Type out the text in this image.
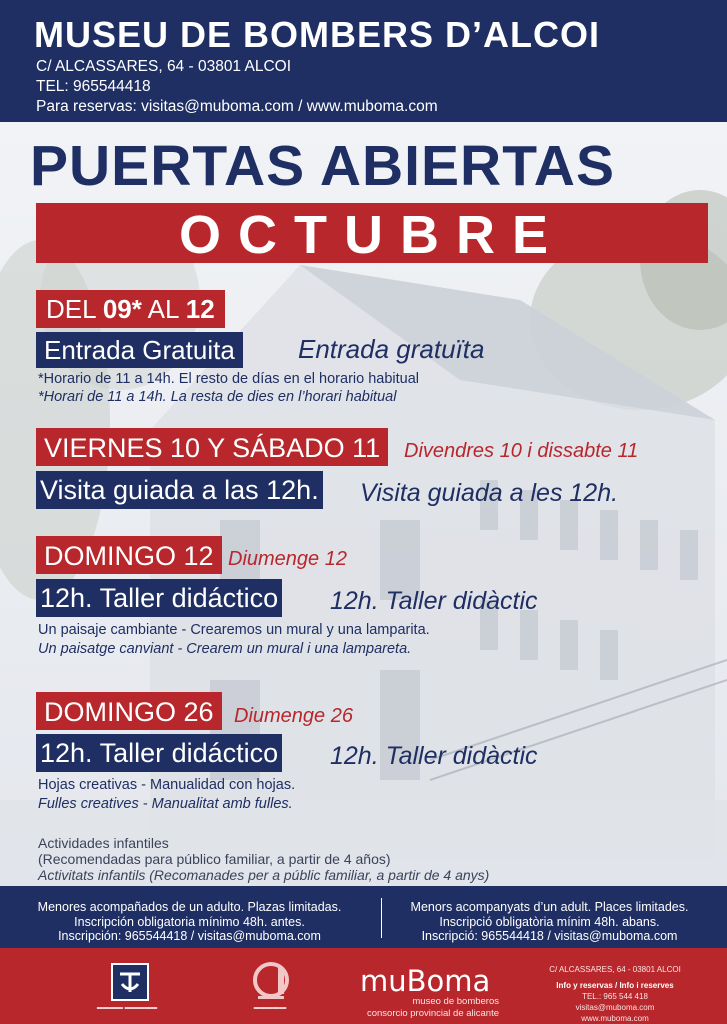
MUSEU DE BOMBERS D’ALCOI
C/ ALCASSARES, 64 - 03801 ALCOI
TEL: 965544418
Para reservas: visitas@muboma.com / www.muboma.com
PUERTAS ABIERTAS
OCTUBRE
DEL 09* AL 12
Entrada Gratuita	Entrada gratuïta
*Horario de 11 a 14h. El resto de días en el horario habitual
*Horari de 11 a 14h. La resta de dies en l’horari habitual
VIERNES 10 Y SÁBADO 11	Divendres 10 i dissabte 11
Visita guiada a las 12h. Visita guiada a les 12h.
DOMINGO 12 Diumenge 12
12h. Taller didáctico 12h. Taller didàctic
Un paisaje cambiante - Crearemos un mural y una lamparita.
Un paisatge canviant - Crearem un mural i una lampareta.
DOMINGO 26	Diumenge 26
12h. Taller didáctico 12h. Taller didàctic
Hojas creativas - Manualidad con hojas.
Fulles creatives - Manualitat amb fulles.
Actividades infantiles
(Recomendadas para público familiar, a partir de 4 años)
Activitats infantils (Recomanades per a públic familiar, a partir de 4 anys)
Menores acompañados de un adulto. Plazas limitadas.
Inscripción obligatoria mínimo 48h. antes.
Inscripción: 965544418 / visitas@muboma.com
Menors acompanyats d’un adult. Places limitades.
Inscripció obligatòria mínim 48h. abans.
Inscripció: 965544418 / visitas@muboma.com
▬▬▬▬ ▬▬▬▬▬	▬▬▬▬▬
muBoma
museo de bomberos
consorcio provincial de alicante
C/ ALCASSARES, 64 - 03801 ALCOI
Info y reservas / Info i reserves
TEL.: 965 544 418
visitas@muboma.com
www.muboma.com
